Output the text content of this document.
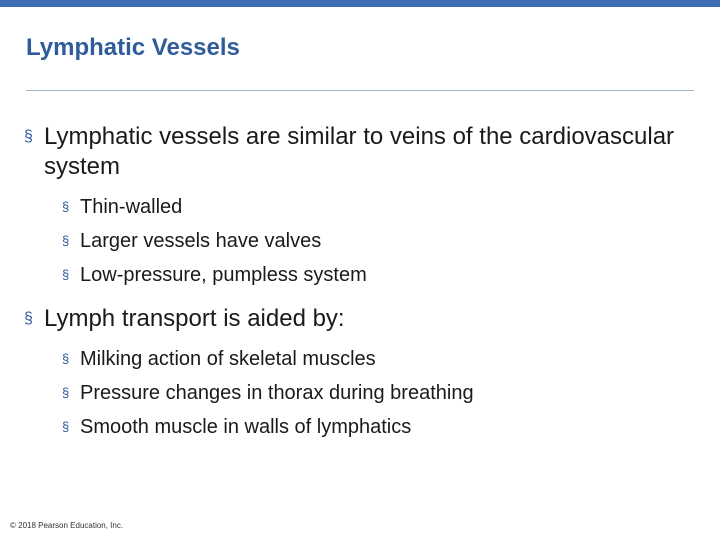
Lymphatic Vessels
§ Lymphatic vessels are similar to veins of the cardiovascular system
§ Thin-walled
§ Larger vessels have valves
§ Low-pressure, pumpless system
§ Lymph transport is aided by:
§ Milking action of skeletal muscles
§ Pressure changes in thorax during breathing
§ Smooth muscle in walls of lymphatics
© 2018 Pearson Education, Inc.
